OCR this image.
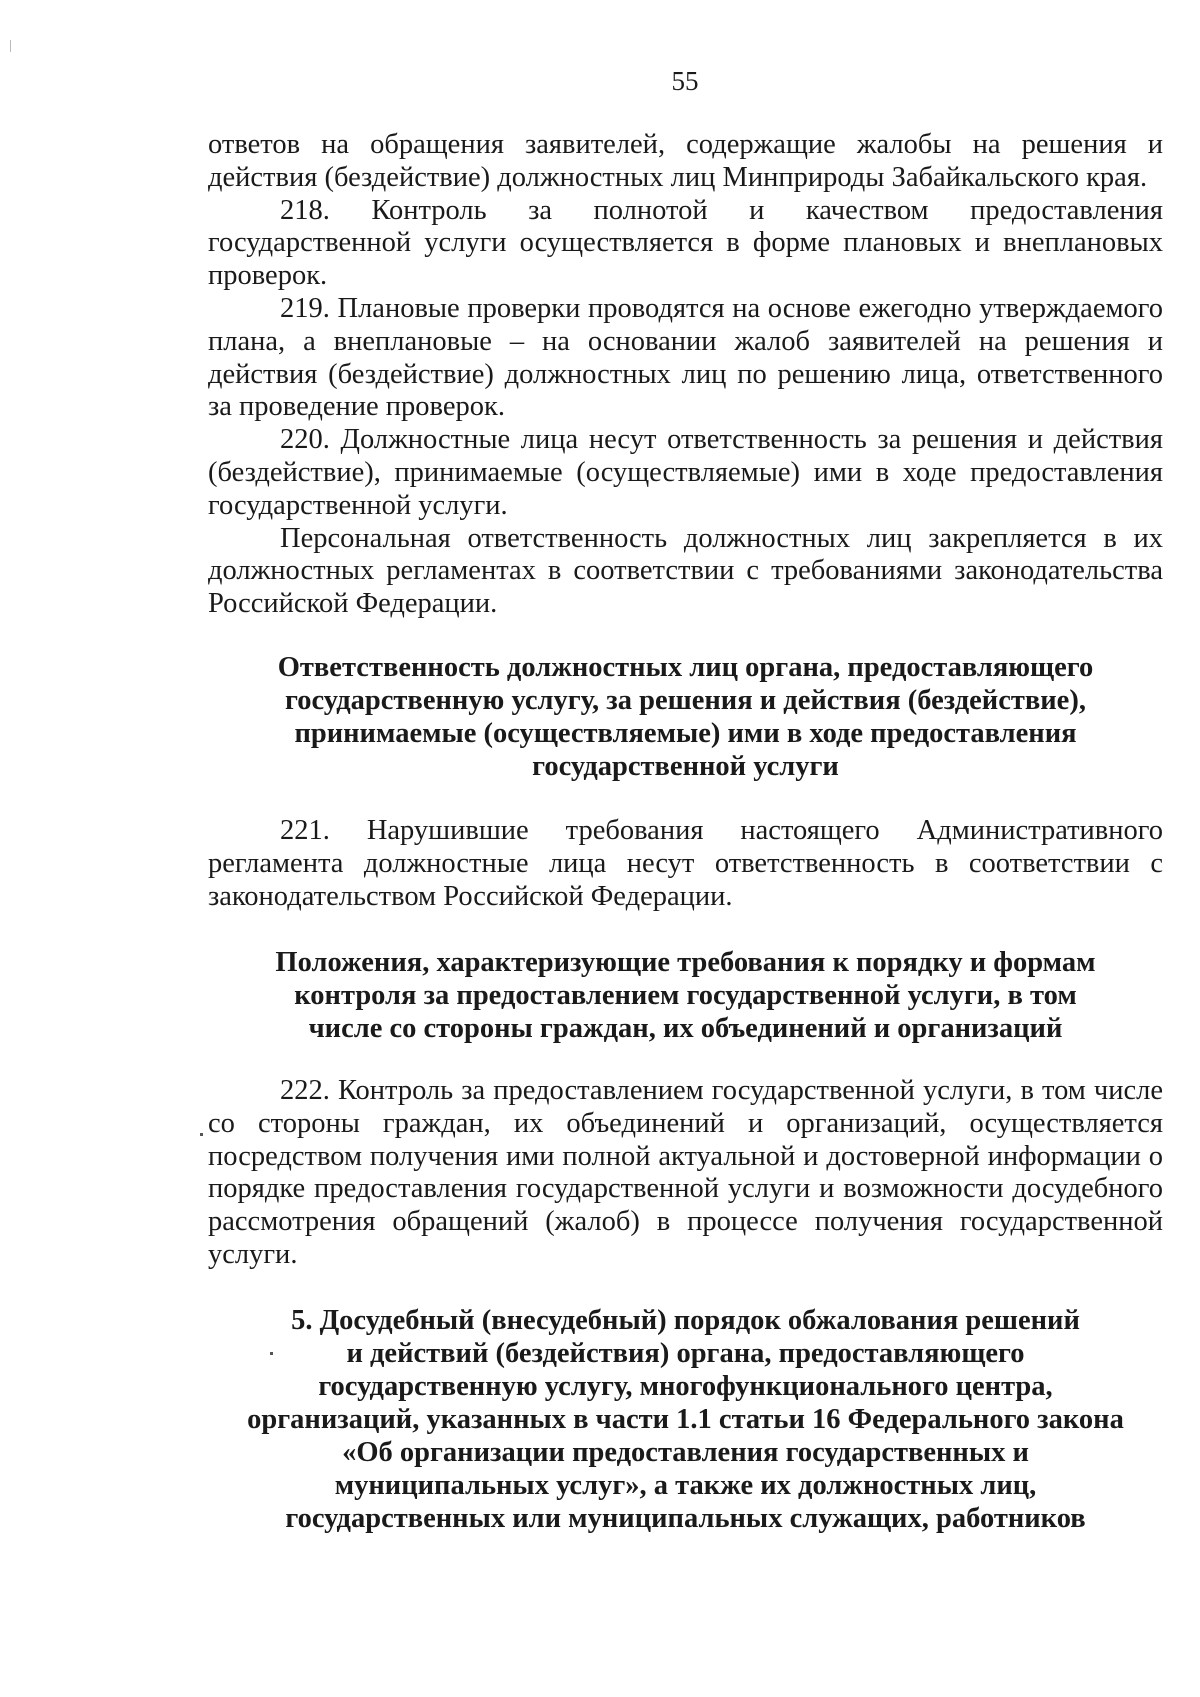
55

ответов на обращения заявителей, содержащие жалобы на решения и действия (бездействие) должностных лиц Минприроды Забайкальского края.

218. Контроль за полнотой и качеством предоставления государственной услуги осуществляется в форме плановых и внеплановых проверок.

219. Плановые проверки проводятся на основе ежегодно утверждаемого плана, а внеплановые – на основании жалоб заявителей на решения и действия (бездействие) должностных лиц по решению лица, ответственного за проведение проверок.

220. Должностные лица несут ответственность за решения и действия (бездействие), принимаемые (осуществляемые) ими в ходе предоставления государственной услуги.

Персональная ответственность должностных лиц закрепляется в их должностных регламентах в соответствии с требованиями законодательства Российской Федерации.

Ответственность должностных лиц органа, предоставляющего

государственную услугу, за решения и действия (бездействие),

принимаемые (осуществляемые) ими в ходе предоставления

государственной услуги

221. Нарушившие требования настоящего Административного регламента должностные лица несут ответственность в соответствии с законодательством Российской Федерации.

Положения, характеризующие требования к порядку и формам

контроля за предоставлением государственной услуги, в том

числе со стороны граждан, их объединений и организаций

222. Контроль за предоставлением государственной услуги, в том числе со стороны граждан, их объединений и организаций, осуществляется посредством получения ими полной актуальной и достоверной информации о порядке предоставления государственной услуги и возможности досудебного рассмотрения обращений (жалоб) в процессе получения государственной услуги.

5. Досудебный (внесудебный) порядок обжалования решений

и действий (бездействия) органа, предоставляющего

государственную услугу, многофункционального центра,

организаций, указанных в части 1.1 статьи 16 Федерального закона

«Об организации предоставления государственных и

муниципальных услуг», а также их должностных лиц,

государственных или муниципальных служащих, работников
